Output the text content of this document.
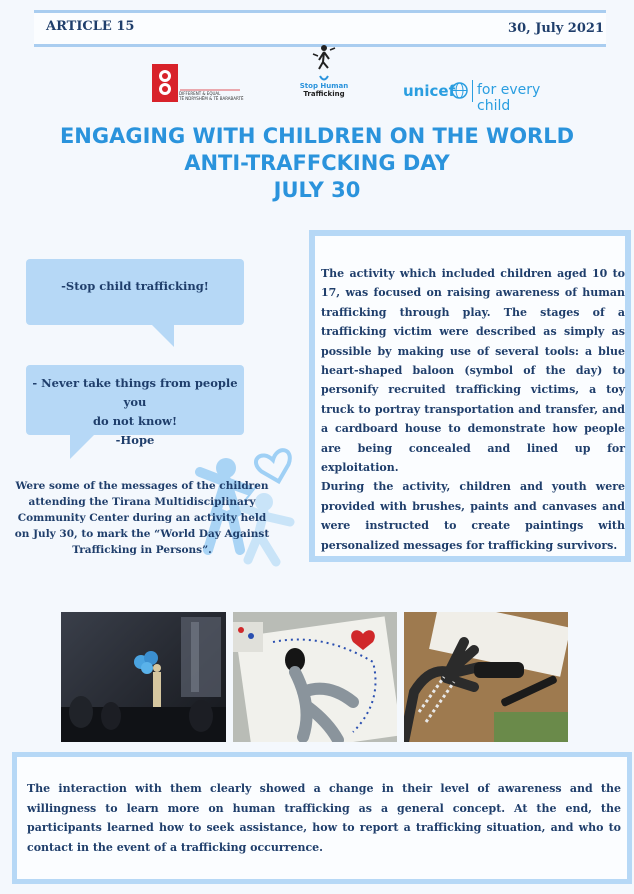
ARTICLE 15	30, July 2021
DIFFERENT & EQUAL
TË NDRYSHËM & TË BARABARTË
Stop Human
Trafficking	unicef for every child
ENGAGING WITH CHILDREN ON THE WORLD
ANTI-TRAFFCKING DAY
JULY 30
-Stop child trafficking!
- Never take things from people you
do not know!
-Hope
Were some of the messages of the children attending the Tirana Multidisciplinary Community Center during an activity held on July 30, to mark the “World Day Against Trafficking in Persons”.

The activity which included children aged 10 to 17, was focused on raising awareness of human trafficking through play. The stages of a trafficking victim were described as simply as possible by making use of several tools: a blue heart-shaped baloon (symbol of the day) to personify recruited trafficking victims, a toy truck to portray transportation and transfer, and a cardboard house to demonstrate how people are being concealed and lined up for exploitation.
During the activity, children and youth were provided with brushes, paints and canvases and were instructed to create paintings with personalized messages for trafficking survivors.

The interaction with them clearly showed a change in their level of awareness and the willingness to learn more on human trafficking as a general concept. At the end, the participants learned how to seek assistance, how to report a trafficking situation, and who to contact in the event of a trafficking occurrence.
